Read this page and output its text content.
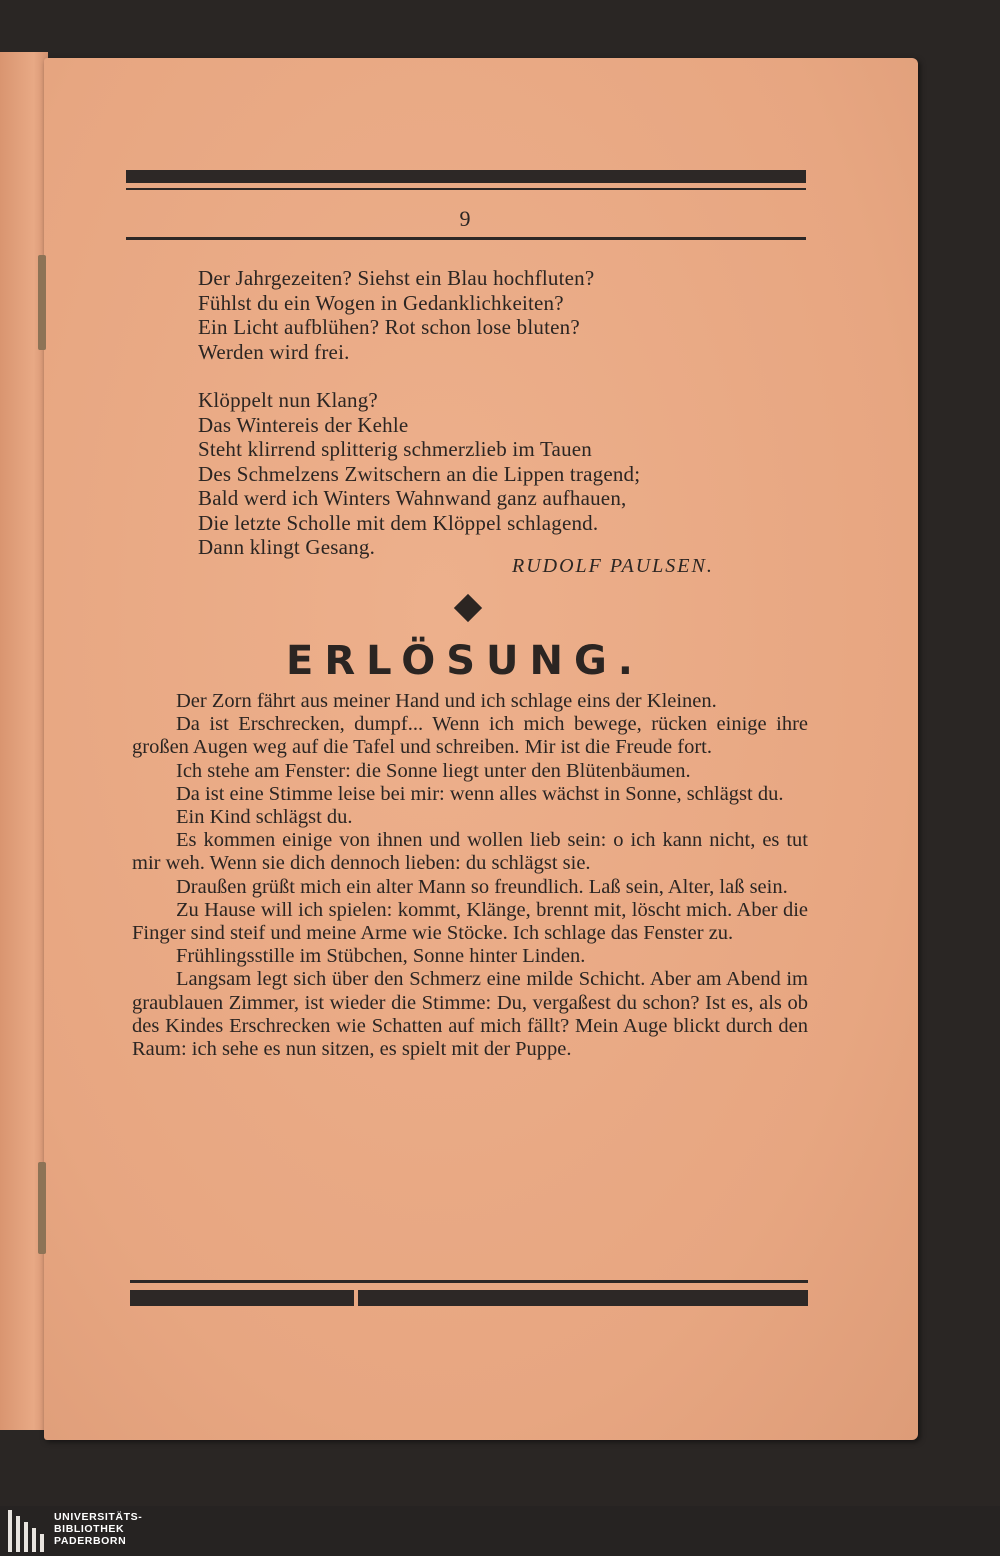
9
Der Jahrgezeiten? Siehst ein Blau hochfluten?
Fühlst du ein Wogen in Gedanklichkeiten?
Ein Licht aufblühen? Rot schon lose bluten?
Werden wird frei.
Klöppelt nun Klang?
Das Wintereis der Kehle
Steht klirrend splitterig schmerzlieb im Tauen
Des Schmelzens Zwitschern an die Lippen tragend;
Bald werd ich Winters Wahnwand ganz aufhauen,
Die letzte Scholle mit dem Klöppel schlagend.
Dann klingt Gesang.
RUDOLF PAULSEN.
ERLÖSUNG.

Der Zorn fährt aus meiner Hand und ich schlage eins der Kleinen.

Da ist Erschrecken, dumpf... Wenn ich mich bewege, rücken einige ihre großen Augen weg auf die Tafel und schreiben. Mir ist die Freude fort.

Ich stehe am Fenster: die Sonne liegt unter den Blütenbäumen.

Da ist eine Stimme leise bei mir: wenn alles wächst in Sonne, schlägst du.

Ein Kind schlägst du.

Es kommen einige von ihnen und wollen lieb sein: o ich kann nicht, es tut mir weh. Wenn sie dich dennoch lieben: du schlägst sie.

Draußen grüßt mich ein alter Mann so freundlich. Laß sein, Alter, laß sein.

Zu Hause will ich spielen: kommt, Klänge, brennt mit, löscht mich. Aber die Finger sind steif und meine Arme wie Stöcke. Ich schlage das Fenster zu.

Frühlingsstille im Stübchen, Sonne hinter Linden.

Langsam legt sich über den Schmerz eine milde Schicht. Aber am Abend im graublauen Zimmer, ist wieder die Stimme: Du, vergaßest du schon? Ist es, als ob des Kindes Erschrecken wie Schatten auf mich fällt? Mein Auge blickt durch den Raum: ich sehe es nun sitzen, es spielt mit der Puppe.

UNIVERSITÄTS-
BIBLIOTHEK
PADERBORN
